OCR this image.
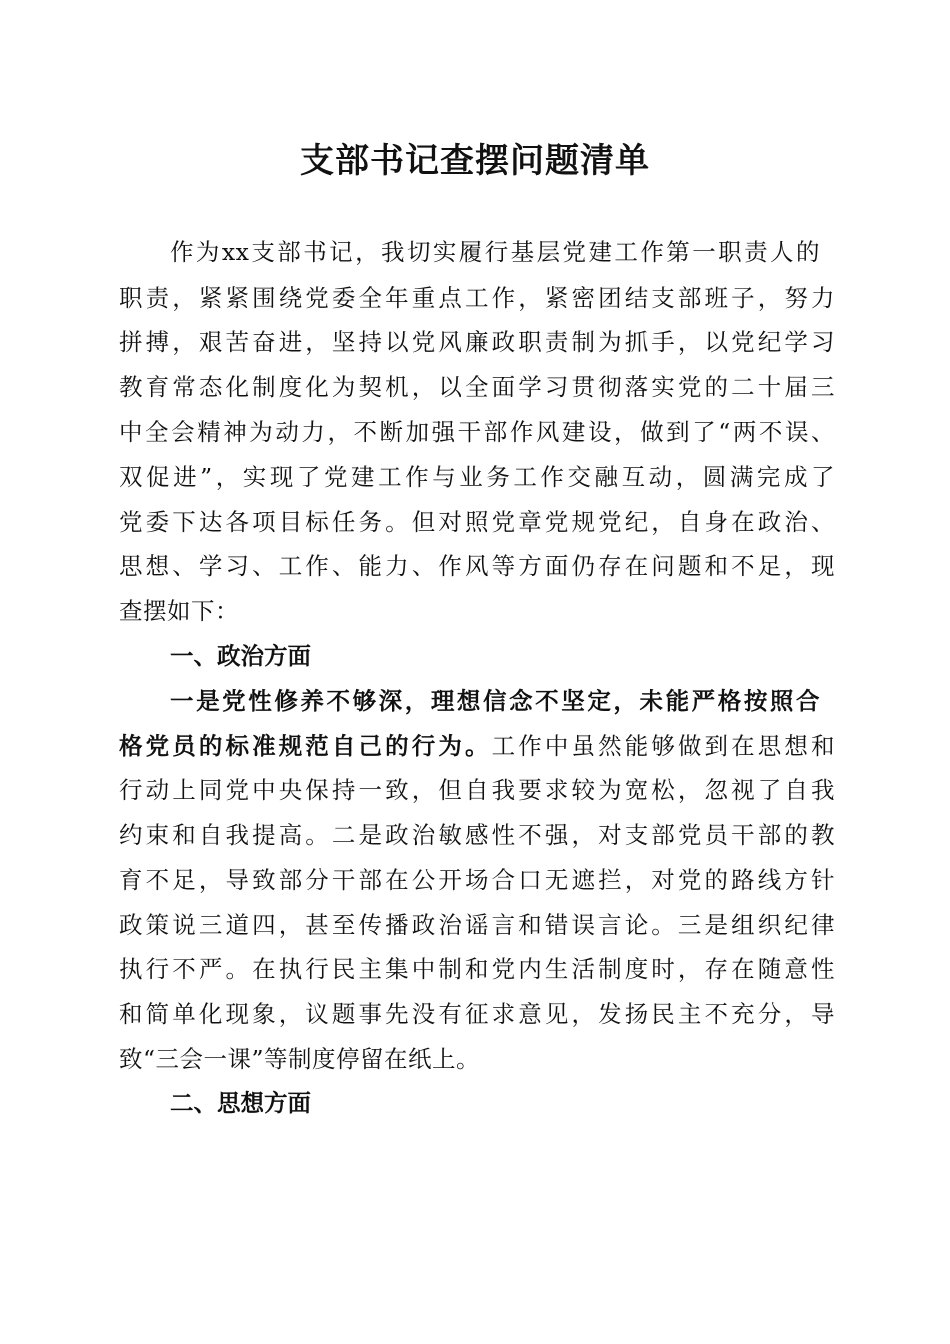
支部书记查摆问题清单

作为xx支部书记，我切实履行基层党建工作第一职责人的

职责，紧紧围绕党委全年重点工作，紧密团结支部班子，努力

拼搏，艰苦奋进，坚持以党风廉政职责制为抓手，以党纪学习

教育常态化制度化为契机，以全面学习贯彻落实党的二十届三

中全会精神为动力，不断加强干部作风建设，做到了“两不误、

双促进”，实现了党建工作与业务工作交融互动，圆满完成了

党委下达各项目标任务。但对照党章党规党纪，自身在政治、

思想、学习、工作、能力、作风等方面仍存在问题和不足，现

查摆如下：

一、政治方面

一是党性修养不够深，理想信念不坚定，未能严格按照合

格党员的标准规范自己的行为。工作中虽然能够做到在思想和

行动上同党中央保持一致，但自我要求较为宽松，忽视了自我

约束和自我提高。二是政治敏感性不强，对支部党员干部的教

育不足，导致部分干部在公开场合口无遮拦，对党的路线方针

政策说三道四，甚至传播政治谣言和错误言论。三是组织纪律

执行不严。在执行民主集中制和党内生活制度时，存在随意性

和简单化现象，议题事先没有征求意见，发扬民主不充分，导

致“三会一课”等制度停留在纸上。

二、思想方面
